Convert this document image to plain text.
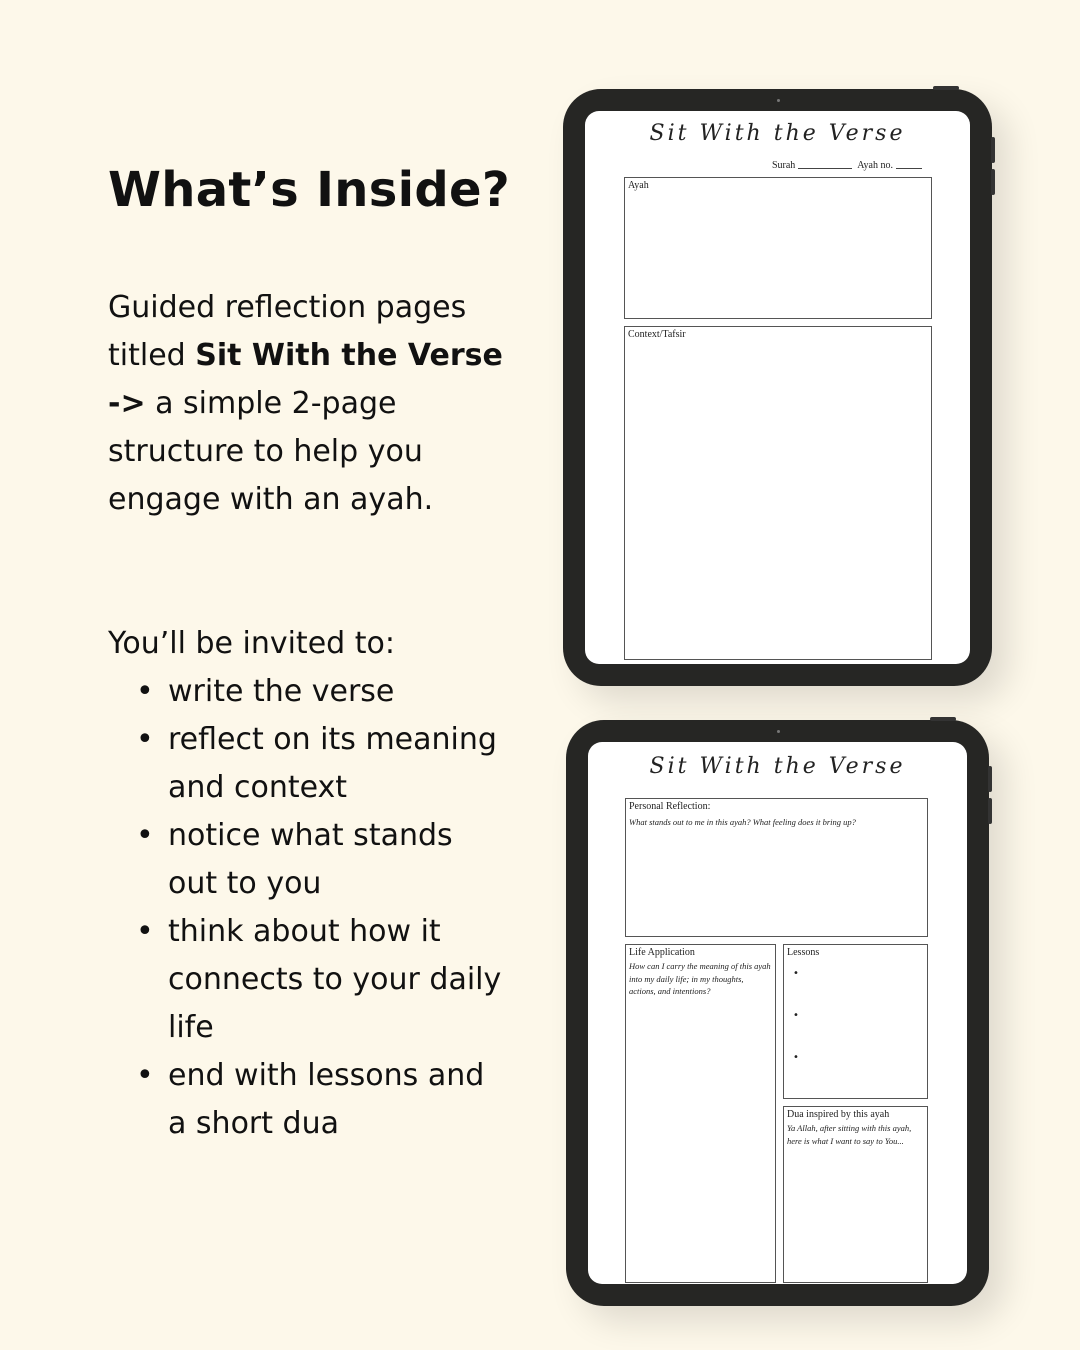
What’s Inside?

Guided reflection pages titled Sit With the Verse -> a simple 2-page structure to help you engage with an ayah.

You’ll be invited to:

• write the verse
• reflect on its meaning and context
• notice what stands out to you
• think about how it connects to your daily life
• end with lessons and a short dua
Sit With the Verse
Surah	Ayah no.
Ayah
Context/Tafsir
Sit With the Verse
Personal Reflection:
What stands out to me in this ayah? What feeling does it bring up?
Life Application
How can I carry the meaning of this ayah into my daily life; in my thoughts, actions, and intentions?
Lessons
•
•
•
Dua inspired by this ayah
Ya Allah, after sitting with this ayah, here is what I want to say to You...
